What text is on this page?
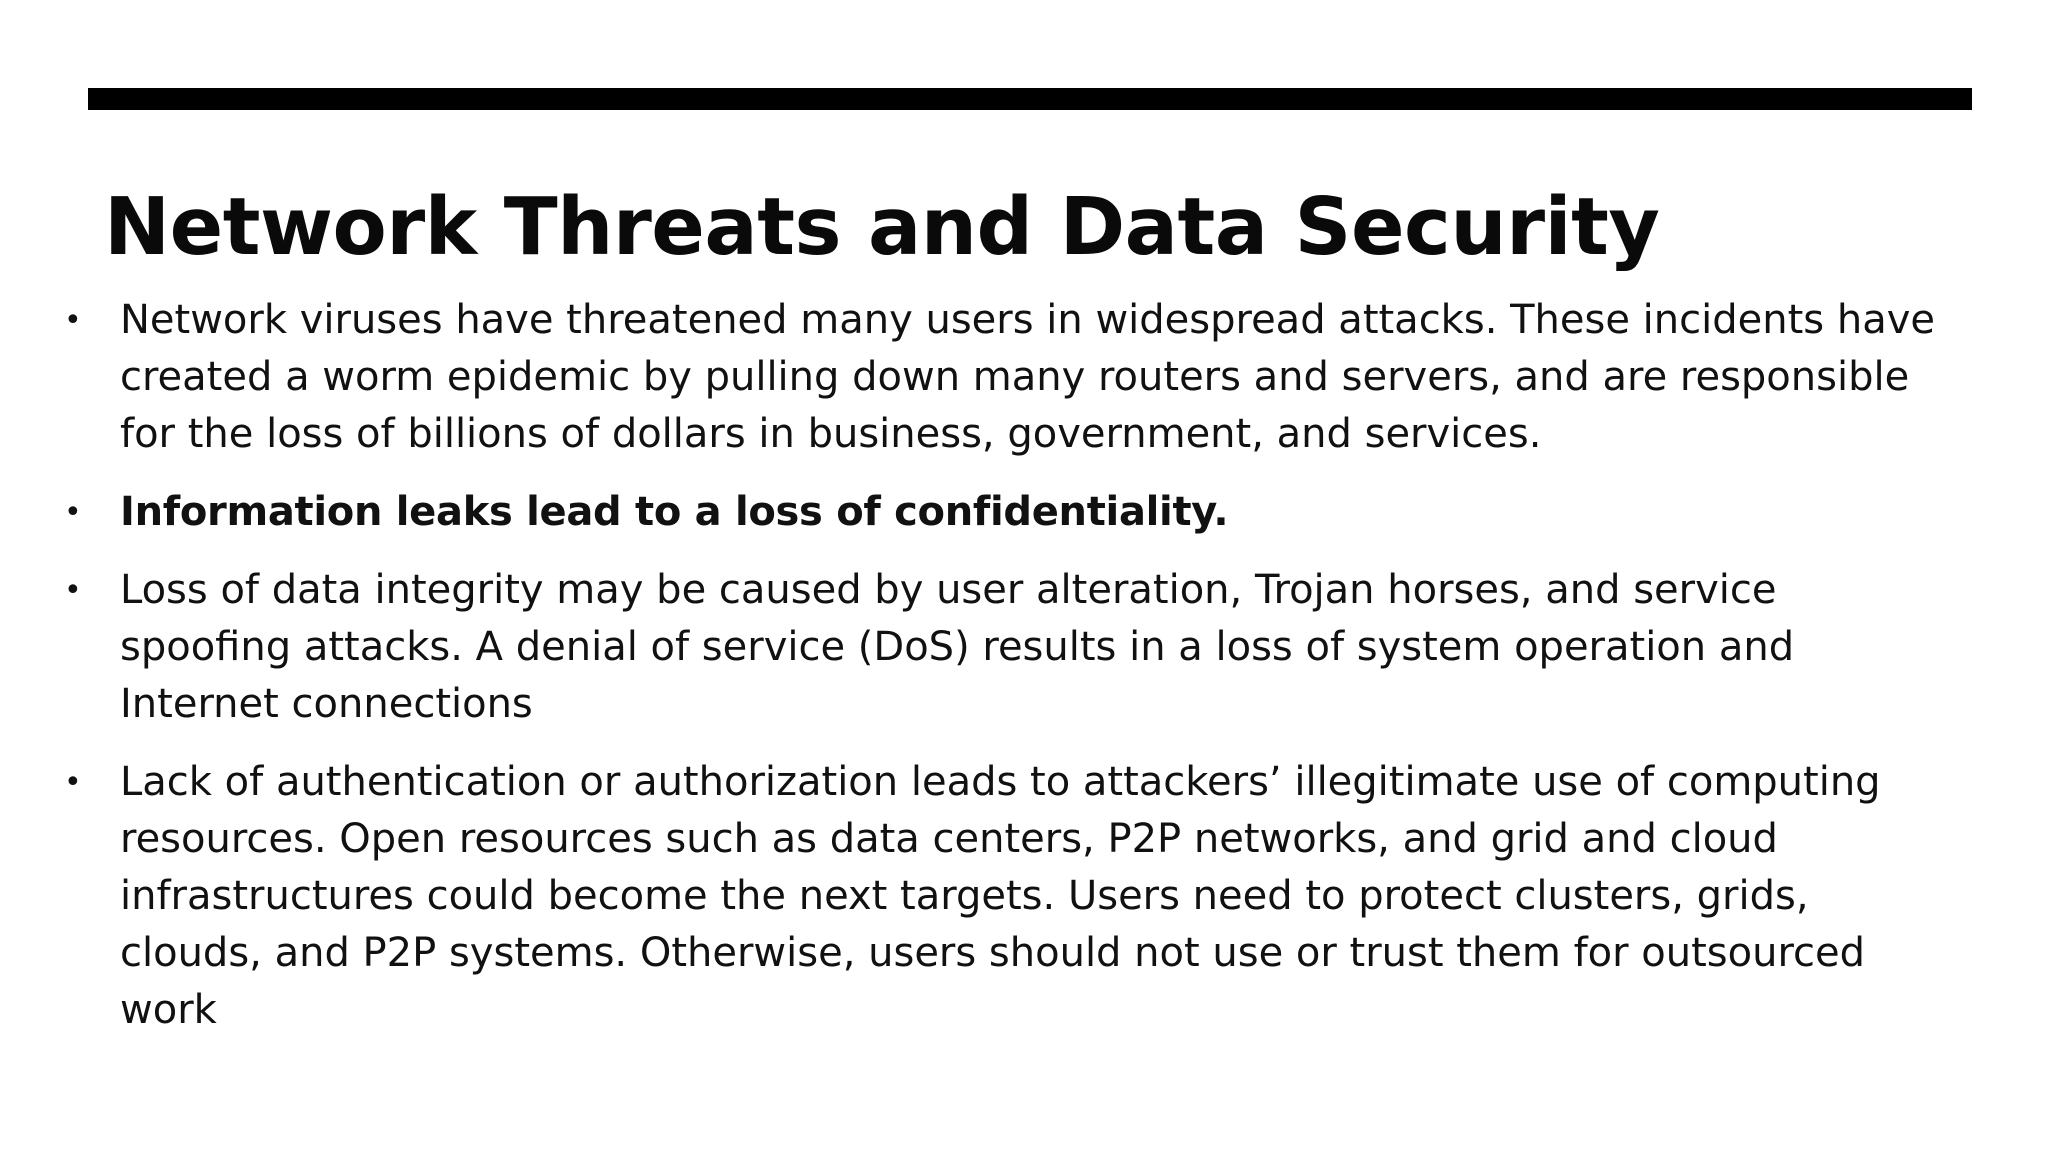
Network Threats and Data Security
• Network viruses have threatened many users in widespread attacks. These incidents have created a worm epidemic by pulling down many routers and servers, and are responsible for the loss of billions of dollars in business, government, and services.
• Information leaks lead to a loss of confidentiality.
• Loss of data integrity may be caused by user alteration, Trojan horses, and service spoofing attacks. A denial of service (DoS) results in a loss of system operation and Internet connections
• Lack of authentication or authorization leads to attackers’ illegitimate use of computing resources. Open resources such as data centers, P2P networks, and grid and cloud infrastructures could become the next targets. Users need to protect clusters, grids, clouds, and P2P systems. Otherwise, users should not use or trust them for outsourced work
